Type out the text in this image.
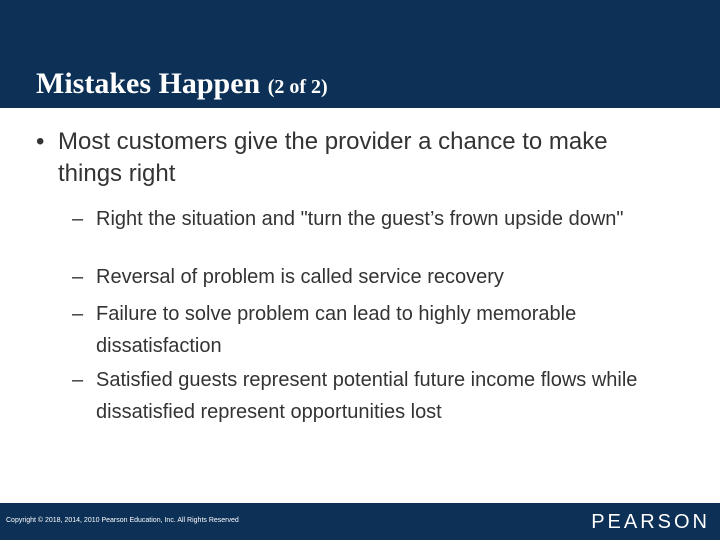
Mistakes Happen (2 of 2)
• Most customers give the provider a chance to make things right
– Right the situation and "turn the guest’s frown upside down"
– Reversal of problem is called service recovery
– Failure to solve problem can lead to highly memorable dissatisfaction
– Satisfied guests represent potential future income flows while dissatisfied represent opportunities lost
Copyright © 2018, 2014, 2010 Pearson Education, Inc. All Rights Reserved	PEARSON
